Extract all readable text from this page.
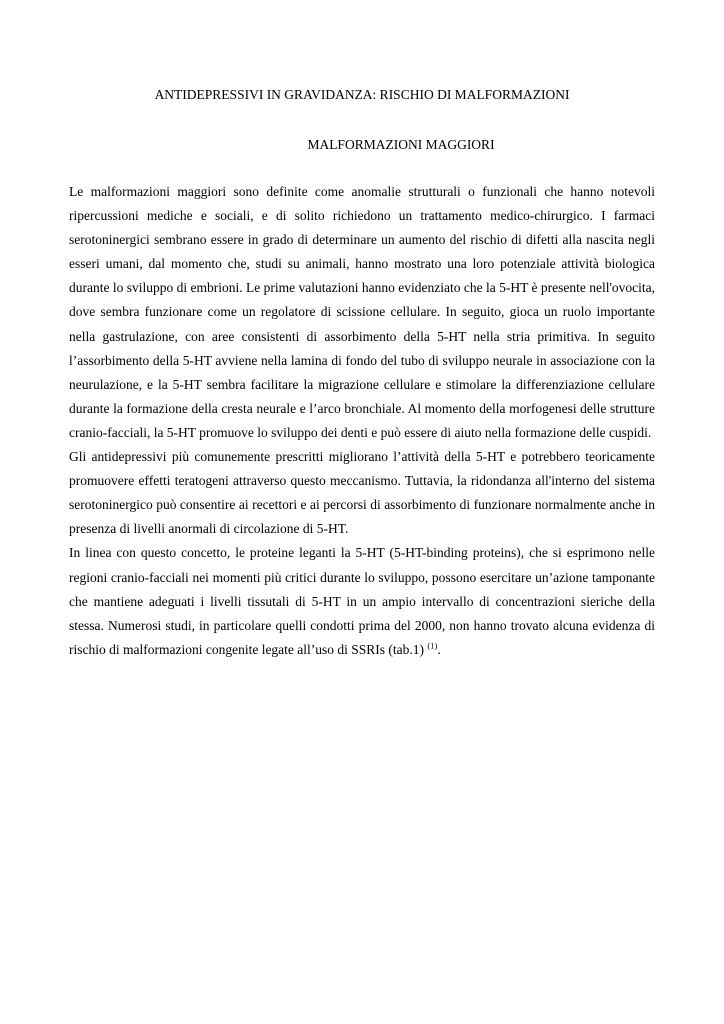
ANTIDEPRESSIVI IN GRAVIDANZA: RISCHIO DI MALFORMAZIONI
MALFORMAZIONI MAGGIORI

Le malformazioni maggiori sono definite come anomalie strutturali o funzionali che hanno notevoli ripercussioni mediche e sociali, e di solito richiedono un trattamento medico-chirurgico. I farmaci serotoninergici sembrano essere in grado di determinare un aumento del rischio di difetti alla nascita negli esseri umani, dal momento che, studi su animali, hanno mostrato una loro potenziale attività biologica durante lo sviluppo di embrioni. Le prime valutazioni hanno evidenziato che la 5-HT è presente nell'ovocita, dove sembra funzionare come un regolatore di scissione cellulare. In seguito, gioca un ruolo importante nella gastrulazione, con aree consistenti di assorbimento della 5-HT nella stria primitiva. In seguito l’assorbimento della 5-HT avviene nella lamina di fondo del tubo di sviluppo neurale in associazione con la neurulazione, e la 5-HT sembra facilitare la migrazione cellulare e stimolare la differenziazione cellulare durante la formazione della cresta neurale e l’arco bronchiale. Al momento della morfogenesi delle strutture cranio-facciali, la 5-HT promuove lo sviluppo dei denti e può essere di aiuto nella formazione delle cuspidi.

Gli antidepressivi più comunemente prescritti migliorano l’attività della 5-HT e potrebbero teoricamente promuovere effetti teratogeni attraverso questo meccanismo. Tuttavia, la ridondanza all'interno del sistema serotoninergico può consentire ai recettori e ai percorsi di assorbimento di funzionare normalmente anche in presenza di livelli anormali di circolazione di 5-HT.

In linea con questo concetto, le proteine leganti la 5-HT (5-HT-binding proteins), che si esprimono nelle regioni cranio-facciali nei momenti più critici durante lo sviluppo, possono esercitare un’azione tamponante che mantiene adeguati i livelli tissutali di 5-HT in un ampio intervallo di concentrazioni sieriche della stessa. Numerosi studi, in particolare quelli condotti prima del 2000, non hanno trovato alcuna evidenza di rischio di malformazioni congenite legate all’uso di SSRIs (tab.1) $^{(1)}$.
